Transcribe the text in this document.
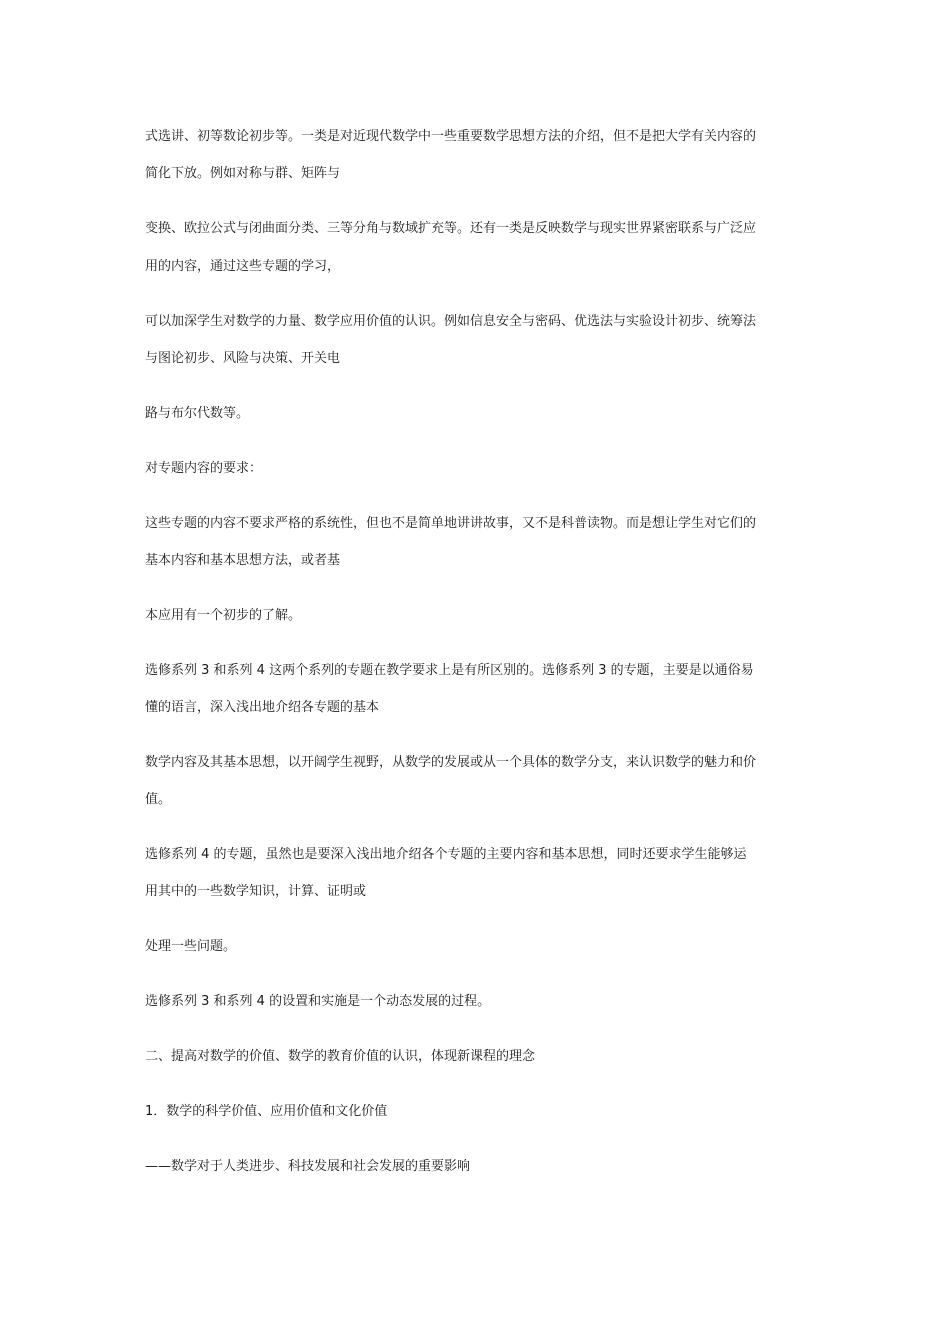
式选讲、初等数论初步等。一类是对近现代数学中一些重要数学思想方法的介绍，但不是把大学有关内容的
简化下放。例如对称与群、矩阵与
变换、欧拉公式与闭曲面分类、三等分角与数域扩充等。还有一类是反映数学与现实世界紧密联系与广泛应
用的内容，通过这些专题的学习，
可以加深学生对数学的力量、数学应用价值的认识。例如信息安全与密码、优选法与实验设计初步、统筹法
与图论初步、风险与决策、开关电
路与布尔代数等。
对专题内容的要求：
这些专题的内容不要求严格的系统性，但也不是简单地讲讲故事，又不是科普读物。而是想让学生对它们的
基本内容和基本思想方法，或者基
本应用有一个初步的了解。
选修系列 3 和系列 4 这两个系列的专题在教学要求上是有所区别的。选修系列 3 的专题，主要是以通俗易
懂的语言，深入浅出地介绍各专题的基本
数学内容及其基本思想，以开阔学生视野，从数学的发展或从一个具体的数学分支，来认识数学的魅力和价
值。
选修系列 4 的专题，虽然也是要深入浅出地介绍各个专题的主要内容和基本思想，同时还要求学生能够运
用其中的一些数学知识，计算、证明或
处理一些问题。
选修系列 3 和系列 4 的设置和实施是一个动态发展的过程。
二、提高对数学的价值、数学的教育价值的认识，体现新课程的理念
1．数学的科学价值、应用价值和文化价值
——数学对于人类进步、科技发展和社会发展的重要影响
